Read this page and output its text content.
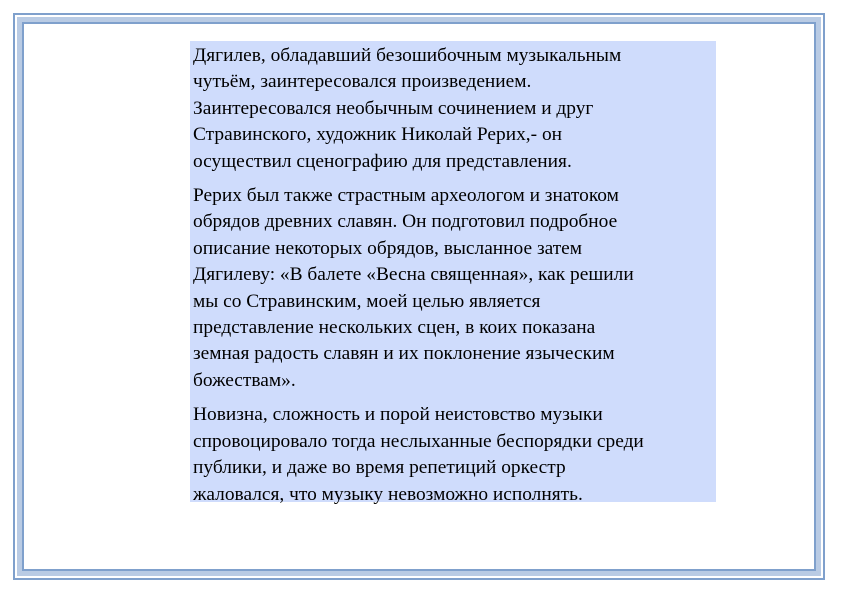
Дягилев, обладавший безошибочным музыкальным
чутьём, заинтересовался произведением.
Заинтересовался необычным сочинением и друг
Стравинского, художник Николай Рерих,- он
осуществил сценографию для представления.

Рерих был также страстным археологом и знатоком
обрядов древних славян. Он подготовил подробное
описание некоторых обрядов, высланное затем
Дягилеву: «В балете «Весна священная», как решили
мы со Стравинским, моей целью является
представление нескольких сцен, в коих показана
земная радость славян и их поклонение языческим
божествам».

Новизна, сложность и порой неистовство музыки
спровоцировало тогда неслыханные беспорядки среди
публики, и даже во время репетиций оркестр
жаловался, что музыку невозможно исполнять.
